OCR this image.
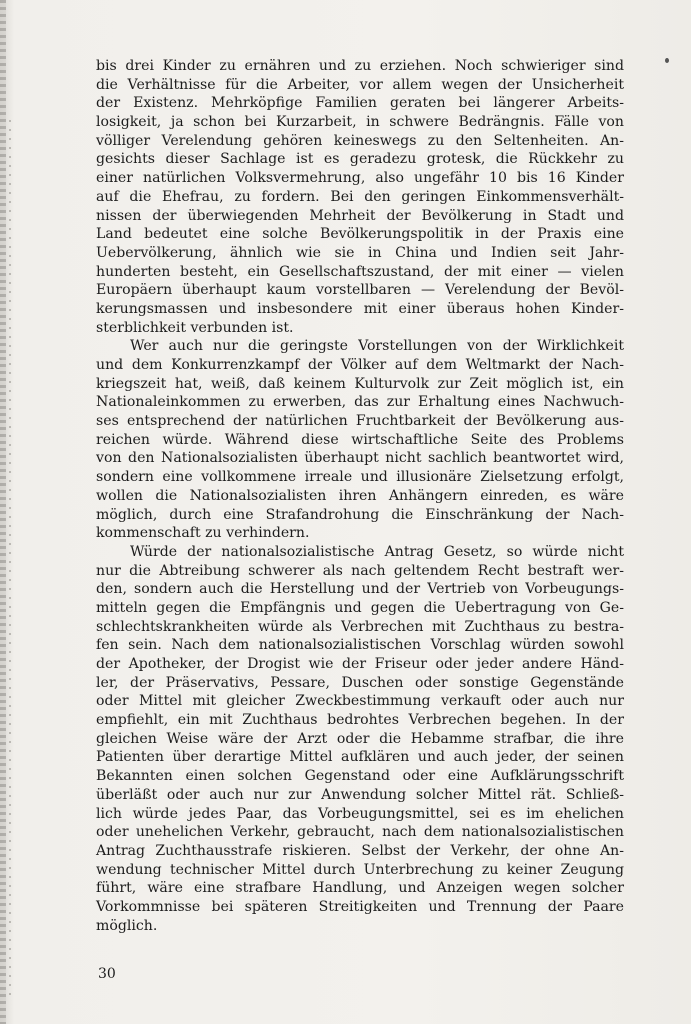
bis drei Kinder zu ernähren und zu erziehen. Noch schwieriger sind
die Verhältnisse für die Arbeiter, vor allem wegen der Unsicherheit
der Existenz. Mehrköpfige Familien geraten bei längerer Arbeits-
losigkeit, ja schon bei Kurzarbeit, in schwere Bedrängnis. Fälle von
völliger Verelendung gehören keineswegs zu den Seltenheiten. An-
gesichts dieser Sachlage ist es geradezu grotesk, die Rückkehr zu
einer natürlichen Volksvermehrung, also ungefähr 10 bis 16 Kinder
auf die Ehefrau, zu fordern. Bei den geringen Einkommensverhält-
nissen der überwiegenden Mehrheit der Bevölkerung in Stadt und
Land bedeutet eine solche Bevölkerungspolitik in der Praxis eine
Uebervölkerung, ähnlich wie sie in China und Indien seit Jahr-
hunderten besteht, ein Gesellschaftszustand, der mit einer — vielen
Europäern überhaupt kaum vorstellbaren — Verelendung der Bevöl-
kerungsmassen und insbesondere mit einer überaus hohen Kinder-
sterblichkeit verbunden ist.
Wer auch nur die geringste Vorstellungen von der Wirklichkeit
und dem Konkurrenzkampf der Völker auf dem Weltmarkt der Nach-
kriegszeit hat, weiß, daß keinem Kulturvolk zur Zeit möglich ist, ein
Nationaleinkommen zu erwerben, das zur Erhaltung eines Nachwuch-
ses entsprechend der natürlichen Fruchtbarkeit der Bevölkerung aus-
reichen würde. Während diese wirtschaftliche Seite des Problems
von den Nationalsozialisten überhaupt nicht sachlich beantwortet wird,
sondern eine vollkommene irreale und illusionäre Zielsetzung erfolgt,
wollen die Nationalsozialisten ihren Anhängern einreden, es wäre
möglich, durch eine Strafandrohung die Einschränkung der Nach-
kommenschaft zu verhindern.
Würde der nationalsozialistische Antrag Gesetz, so würde nicht
nur die Abtreibung schwerer als nach geltendem Recht bestraft wer-
den, sondern auch die Herstellung und der Vertrieb von Vorbeugungs-
mitteln gegen die Empfängnis und gegen die Uebertragung von Ge-
schlechtskrankheiten würde als Verbrechen mit Zuchthaus zu bestra-
fen sein. Nach dem nationalsozialistischen Vorschlag würden sowohl
der Apotheker, der Drogist wie der Friseur oder jeder andere Händ-
ler, der Präservativs, Pessare, Duschen oder sonstige Gegenstände
oder Mittel mit gleicher Zweckbestimmung verkauft oder auch nur
empfiehlt, ein mit Zuchthaus bedrohtes Verbrechen begehen. In der
gleichen Weise wäre der Arzt oder die Hebamme strafbar, die ihre
Patienten über derartige Mittel aufklären und auch jeder, der seinen
Bekannten einen solchen Gegenstand oder eine Aufklärungsschrift
überläßt oder auch nur zur Anwendung solcher Mittel rät. Schließ-
lich würde jedes Paar, das Vorbeugungsmittel, sei es im ehelichen
oder unehelichen Verkehr, gebraucht, nach dem nationalsozialistischen
Antrag Zuchthausstrafe riskieren. Selbst der Verkehr, der ohne An-
wendung technischer Mittel durch Unterbrechung zu keiner Zeugung
führt, wäre eine strafbare Handlung, und Anzeigen wegen solcher
Vorkommnisse bei späteren Streitigkeiten und Trennung der Paare
möglich.
30
